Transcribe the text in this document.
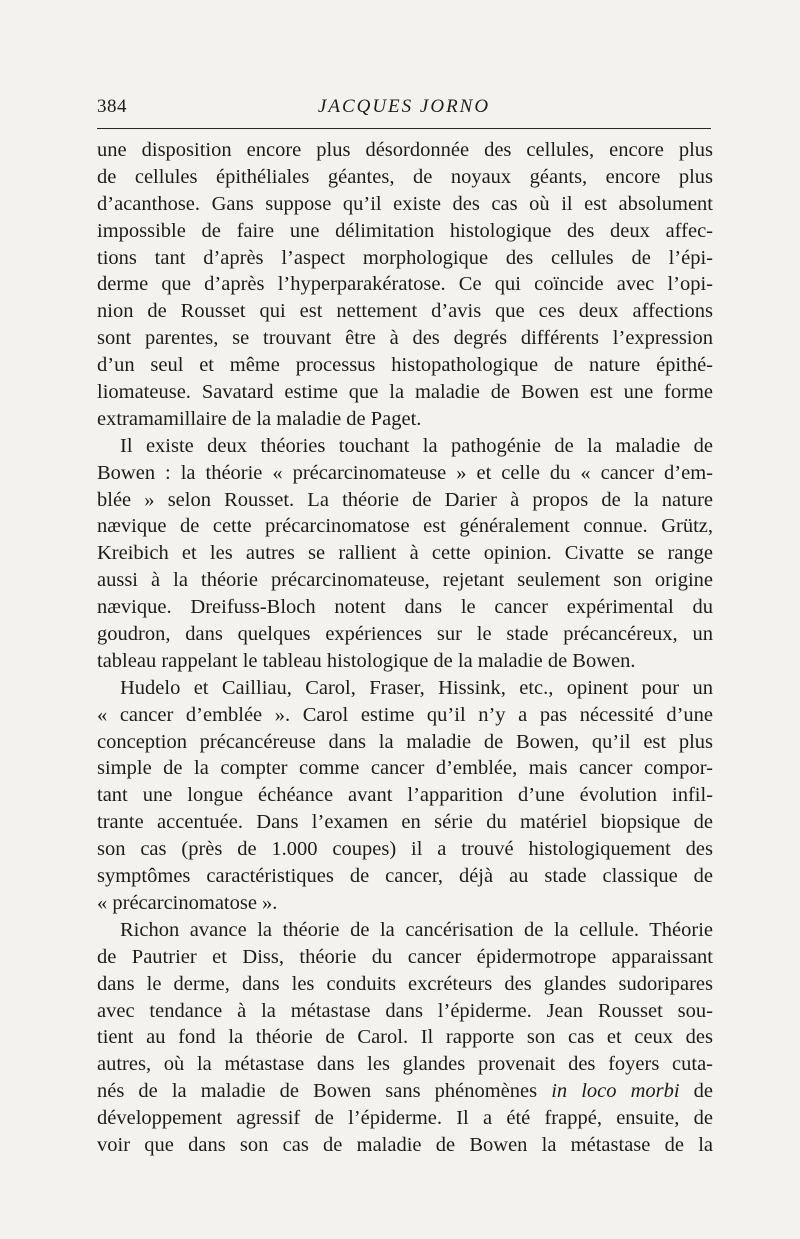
384	JACQUES JORNO
une disposition encore plus désordonnée des cellules, encore plus
de cellules épithéliales géantes, de noyaux géants, encore plus
d’acanthose. Gans suppose qu’il existe des cas où il est absolument
impossible de faire une délimitation histologique des deux affec-
tions tant d’après l’aspect morphologique des cellules de l’épi-
derme que d’après l’hyperparakératose. Ce qui coïncide avec l’opi-
nion de Rousset qui est nettement d’avis que ces deux affections
sont parentes, se trouvant être à des degrés différents l’expression
d’un seul et même processus histopathologique de nature épithé-
liomateuse. Savatard estime que la maladie de Bowen est une forme
extramamillaire de la maladie de Paget.
Il existe deux théories touchant la pathogénie de la maladie de
Bowen : la théorie « précarcinomateuse » et celle du « cancer d’em-
blée » selon Rousset. La théorie de Darier à propos de la nature
nævique de cette précarcinomatose est généralement connue. Grütz,
Kreibich et les autres se rallient à cette opinion. Civatte se range
aussi à la théorie précarcinomateuse, rejetant seulement son origine
nævique. Dreifuss-Bloch notent dans le cancer expérimental du
goudron, dans quelques expériences sur le stade précancéreux, un
tableau rappelant le tableau histologique de la maladie de Bowen.
Hudelo et Cailliau, Carol, Fraser, Hissink, etc., opinent pour un
« cancer d’emblée ». Carol estime qu’il n’y a pas nécessité d’une
conception précancéreuse dans la maladie de Bowen, qu’il est plus
simple de la compter comme cancer d’emblée, mais cancer compor-
tant une longue échéance avant l’apparition d’une évolution infil-
trante accentuée. Dans l’examen en série du matériel biopsique de
son cas (près de 1.000 coupes) il a trouvé histologiquement des
symptômes caractéristiques de cancer, déjà au stade classique de
« précarcinomatose ».
Richon avance la théorie de la cancérisation de la cellule. Théorie
de Pautrier et Diss, théorie du cancer épidermotrope apparaissant
dans le derme, dans les conduits excréteurs des glandes sudoripares
avec tendance à la métastase dans l’épiderme. Jean Rousset sou-
tient au fond la théorie de Carol. Il rapporte son cas et ceux des
autres, où la métastase dans les glandes provenait des foyers cuta-
nés de la maladie de Bowen sans phénomènes in loco morbi de
développement agressif de l’épiderme. Il a été frappé, ensuite, de
voir que dans son cas de maladie de Bowen la métastase de la
